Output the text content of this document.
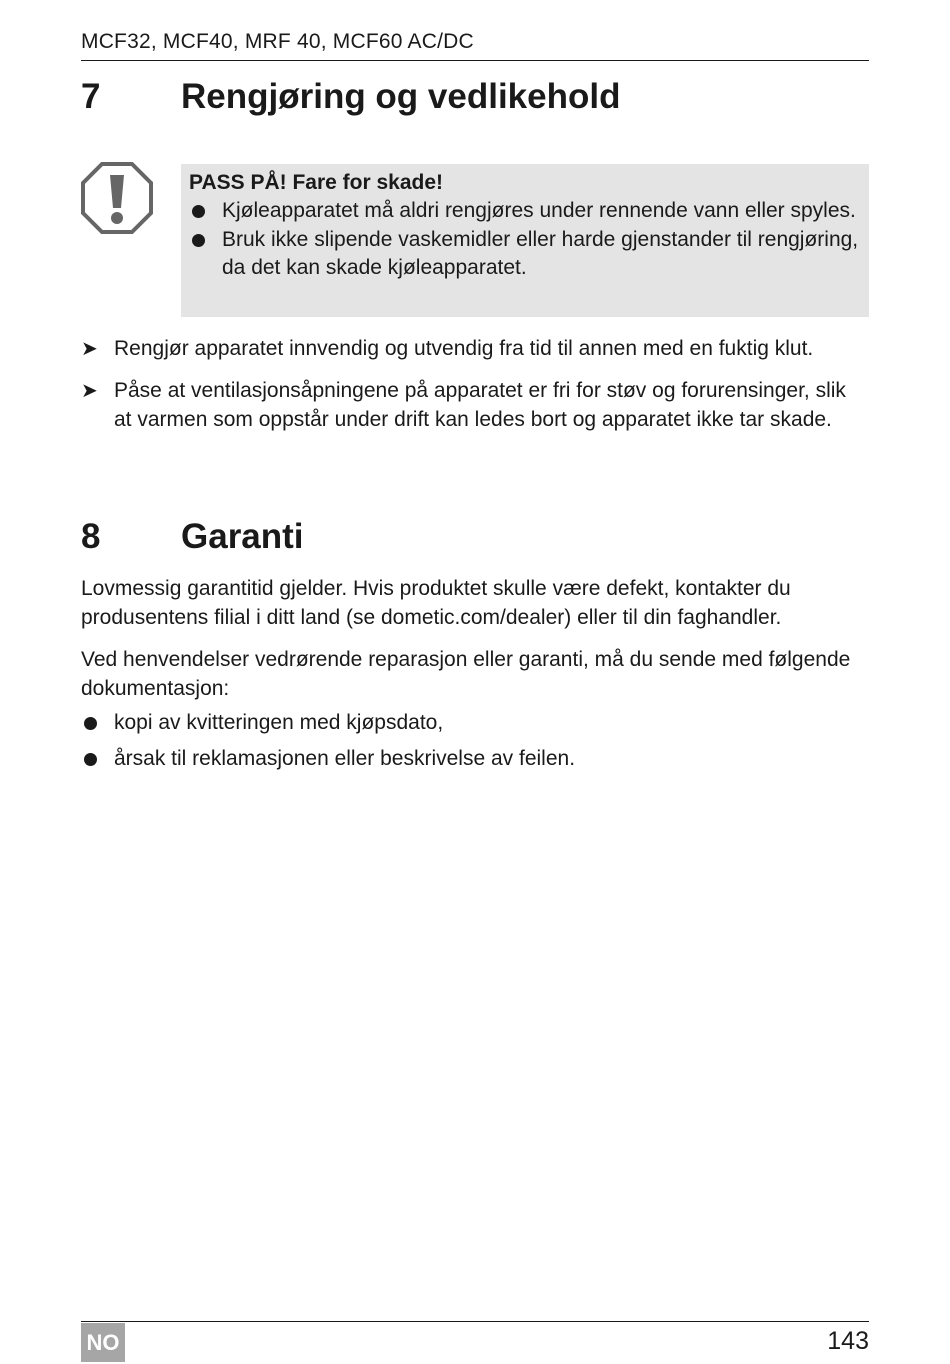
MCF32, MCF40, MRF 40, MCF60 AC/DC
7 Rengjøring og vedlikehold
PASS PÅ! Fare for skade!
Kjøleapparatet må aldri rengjøres under rennende vann eller spyles.
Bruk ikke slipende vaskemidler eller harde gjenstander til rengjøring, da det kan skade kjøleapparatet.
➤ Rengjør apparatet innvendig og utvendig fra tid til annen med en fuktig klut.
➤ Påse at ventilasjonsåpningene på apparatet er fri for støv og forurensinger, slik at varmen som oppstår under drift kan ledes bort og apparatet ikke tar skade.
8 Garanti
Lovmessig garantitid gjelder. Hvis produktet skulle være defekt, kontakter du produsentens filial i ditt land (se dometic.com/dealer) eller til din faghandler.
Ved henvendelser vedrørende reparasjon eller garanti, må du sende med følgende dokumentasjon:
kopi av kvitteringen med kjøpsdato,
årsak til reklamasjonen eller beskrivelse av feilen.
NO	143
